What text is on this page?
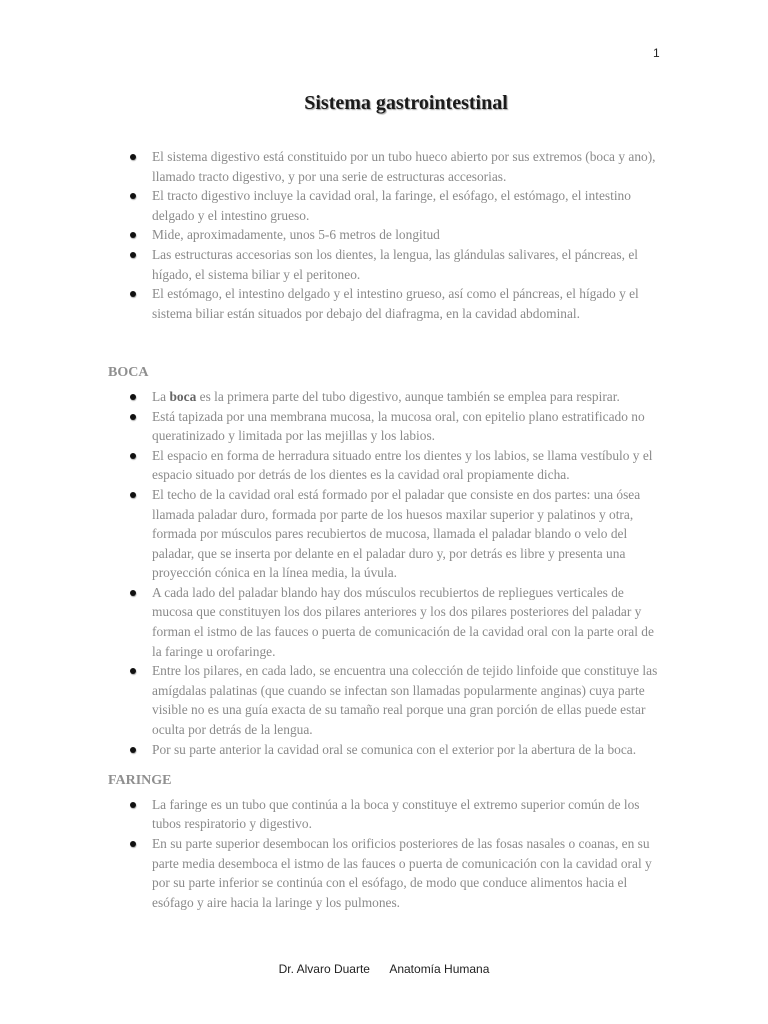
1
Sistema gastrointestinal
El sistema digestivo está constituido por un tubo hueco abierto por sus extremos (boca y ano), llamado tracto digestivo, y por una serie de estructuras accesorias.
El tracto digestivo incluye la cavidad oral, la faringe, el esófago, el estómago, el intestino delgado y el intestino grueso.
Mide, aproximadamente, unos 5-6 metros de longitud
Las estructuras accesorias son los dientes, la lengua, las glándulas salivares, el páncreas, el hígado, el sistema biliar y el peritoneo.
El estómago, el intestino delgado y el intestino grueso, así como el páncreas, el hígado y el sistema biliar están situados por debajo del diafragma, en la cavidad abdominal.
BOCA
La boca es la primera parte del tubo digestivo, aunque también se emplea para respirar.
Está tapizada por una membrana mucosa, la mucosa oral, con epitelio plano estratificado no queratinizado y limitada por las mejillas y los labios.
El espacio en forma de herradura situado entre los dientes y los labios, se llama vestíbulo y el espacio situado por detrás de los dientes es la cavidad oral propiamente dicha.
El techo de la cavidad oral está formado por el paladar que consiste en dos partes: una ósea llamada paladar duro, formada por parte de los huesos maxilar superior y palatinos y otra, formada por músculos pares recubiertos de mucosa, llamada el paladar blando o velo del paladar, que se inserta por delante en el paladar duro y, por detrás es libre y presenta una proyección cónica en la línea media, la úvula.
A cada lado del paladar blando hay dos músculos recubiertos de repliegues verticales de mucosa que constituyen los dos pilares anteriores y los dos pilares posteriores del paladar y forman el istmo de las fauces o puerta de comunicación de la cavidad oral con la parte oral de la faringe u orofaringe.
Entre los pilares, en cada lado, se encuentra una colección de tejido linfoide que constituye las amígdalas palatinas (que cuando se infectan son llamadas popularmente anginas) cuya parte visible no es una guía exacta de su tamaño real porque una gran porción de ellas puede estar oculta por detrás de la lengua.
Por su parte anterior la cavidad oral se comunica con el exterior por la abertura de la boca.
FARINGE
La faringe es un tubo que continúa a la boca y constituye el extremo superior común de los tubos respiratorio y digestivo.
En su parte superior desembocan los orificios posteriores de las fosas nasales o coanas, en su parte media desemboca el istmo de las fauces o puerta de comunicación con la cavidad oral y por su parte inferior se continúa con el esófago, de modo que conduce alimentos hacia el esófago y aire hacia la laringe y los pulmones.
Dr. Alvaro Duarte Anatomía Humana
